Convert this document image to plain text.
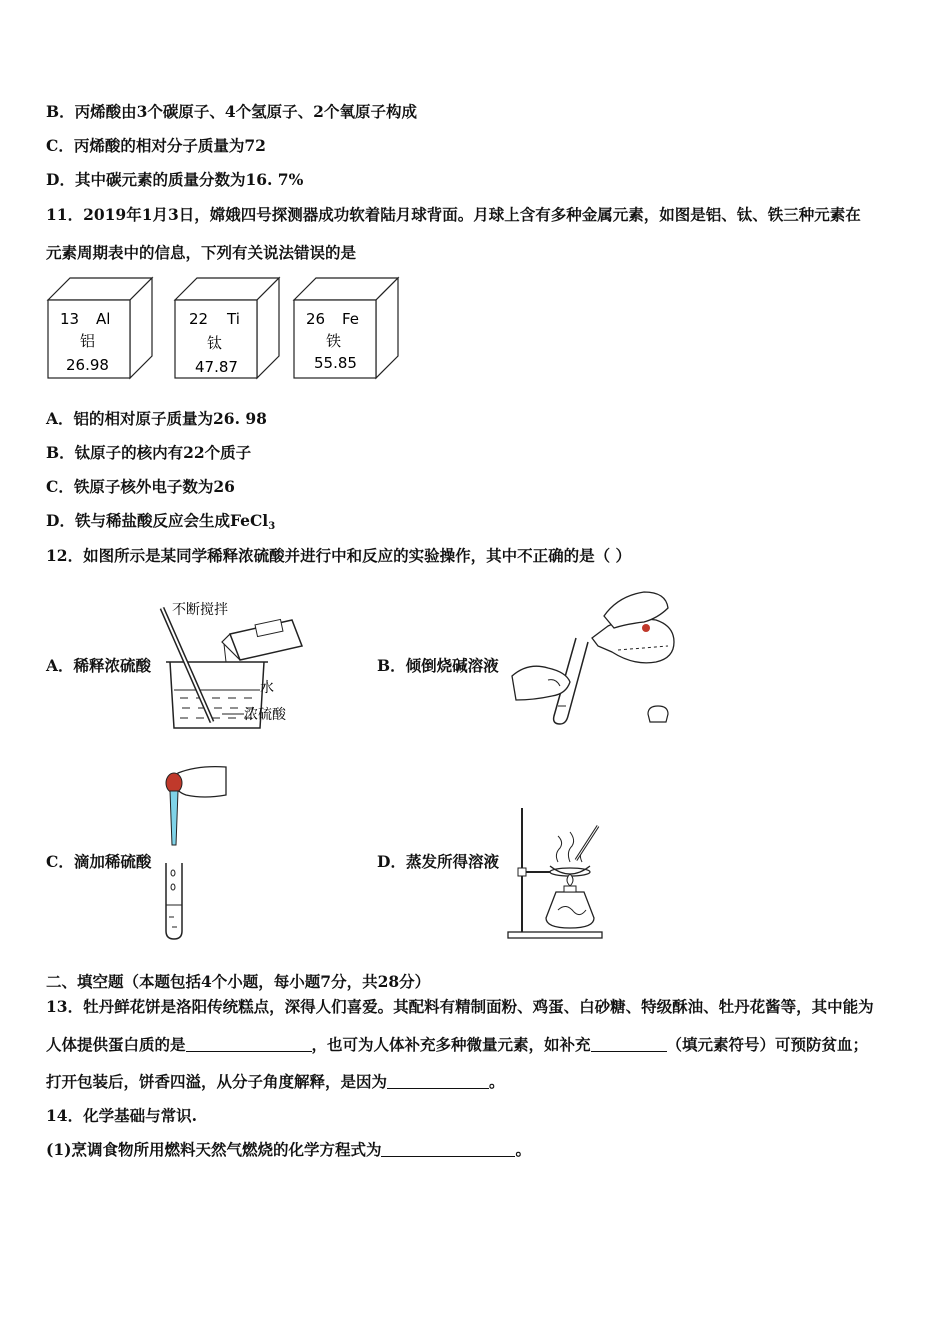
B．丙烯酸由3个碳原子、4个氢原子、2个氧原子构成
C．丙烯酸的相对分子质量为72
D．其中碳元素的质量分数为16. 7%
11．2019年1月3日，嫦娥四号探测器成功软着陆月球背面。月球上含有多种金属元素，如图是铝、钛、铁三种元素在
元素周期表中的信息，下列有关说法错误的是
13 Al
铝
26.98
22 Ti
钛
47.87
26 Fe
铁
55.85
A．铝的相对原子质量为26. 98
B．钛原子的核内有22个质子
C．铁原子核外电子数为26
D．铁与稀盐酸反应会生成FeCl$_3$
12．如图所示是某同学稀释浓硫酸并进行中和反应的实验操作，其中不正确的是（ ）
A．稀释浓硫酸
不断搅拌
水
浓硫酸
B．倾倒烧碱溶液
C．滴加稀硫酸	D．蒸发所得溶液
二、填空题（本题包括4个小题，每小题7分，共28分）
13．牡丹鲜花饼是洛阳传统糕点，深得人们喜爱。其配料有精制面粉、鸡蛋、白砂糖、特级酥油、牡丹花酱等，其中能为
人体提供蛋白质的是	，也可为人体补充多种微量元素，如补充	（填元素符号）可预防贫血；
打开包装后，饼香四溢，从分子角度解释，是因为	。
14．化学基础与常识.
(1)烹调食物所用燃料天然气燃烧的化学方程式为	。
